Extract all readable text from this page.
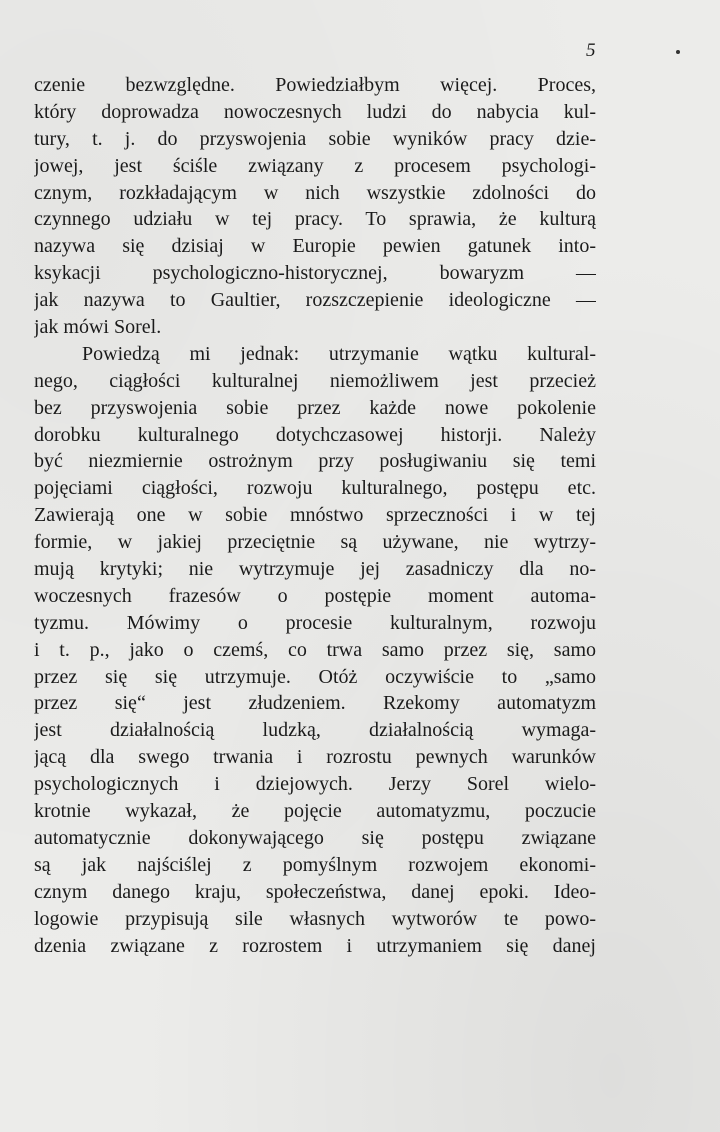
5
czenie bezwzględne. Powiedziałbym więcej. Proces,
który doprowadza nowoczesnych ludzi do nabycia kul-
tury, t. j. do przyswojenia sobie wyników pracy dzie-
jowej, jest ściśle związany z procesem psychologi-
cznym, rozkładającym w nich wszystkie zdolności do
czynnego udziału w tej pracy. To sprawia, że kulturą
nazywa się dzisiaj w Europie pewien gatunek into-
ksykacji psychologiczno-historycznej, bowaryzm —
jak nazywa to Gaultier, rozszczepienie ideologiczne —
jak mówi Sorel.
Powiedzą mi jednak: utrzymanie wątku kultural-
nego, ciągłości kulturalnej niemożliwem jest przecież
bez przyswojenia sobie przez każde nowe pokolenie
dorobku kulturalnego dotychczasowej historji. Należy
być niezmiernie ostrożnym przy posługiwaniu się temi
pojęciami ciągłości, rozwoju kulturalnego, postępu etc.
Zawierają one w sobie mnóstwo sprzeczności i w tej
formie, w jakiej przeciętnie są używane, nie wytrzy-
mują krytyki; nie wytrzymuje jej zasadniczy dla no-
woczesnych frazesów o postępie moment automa-
tyzmu. Mówimy o procesie kulturalnym, rozwoju
i t. p., jako o czemś, co trwa samo przez się, samo
przez się się utrzymuje. Otóż oczywiście to „samo
przez się“ jest złudzeniem. Rzekomy automatyzm
jest działalnością ludzką, działalnością wymaga-
jącą dla swego trwania i rozrostu pewnych warunków
psychologicznych i dziejowych. Jerzy Sorel wielo-
krotnie wykazał, że pojęcie automatyzmu, poczucie
automatycznie dokonywającego się postępu związane
są jak najściślej z pomyślnym rozwojem ekonomi-
cznym danego kraju, społeczeństwa, danej epoki. Ideo-
logowie przypisują sile własnych wytworów te powo-
dzenia związane z rozrostem i utrzymaniem się danej
